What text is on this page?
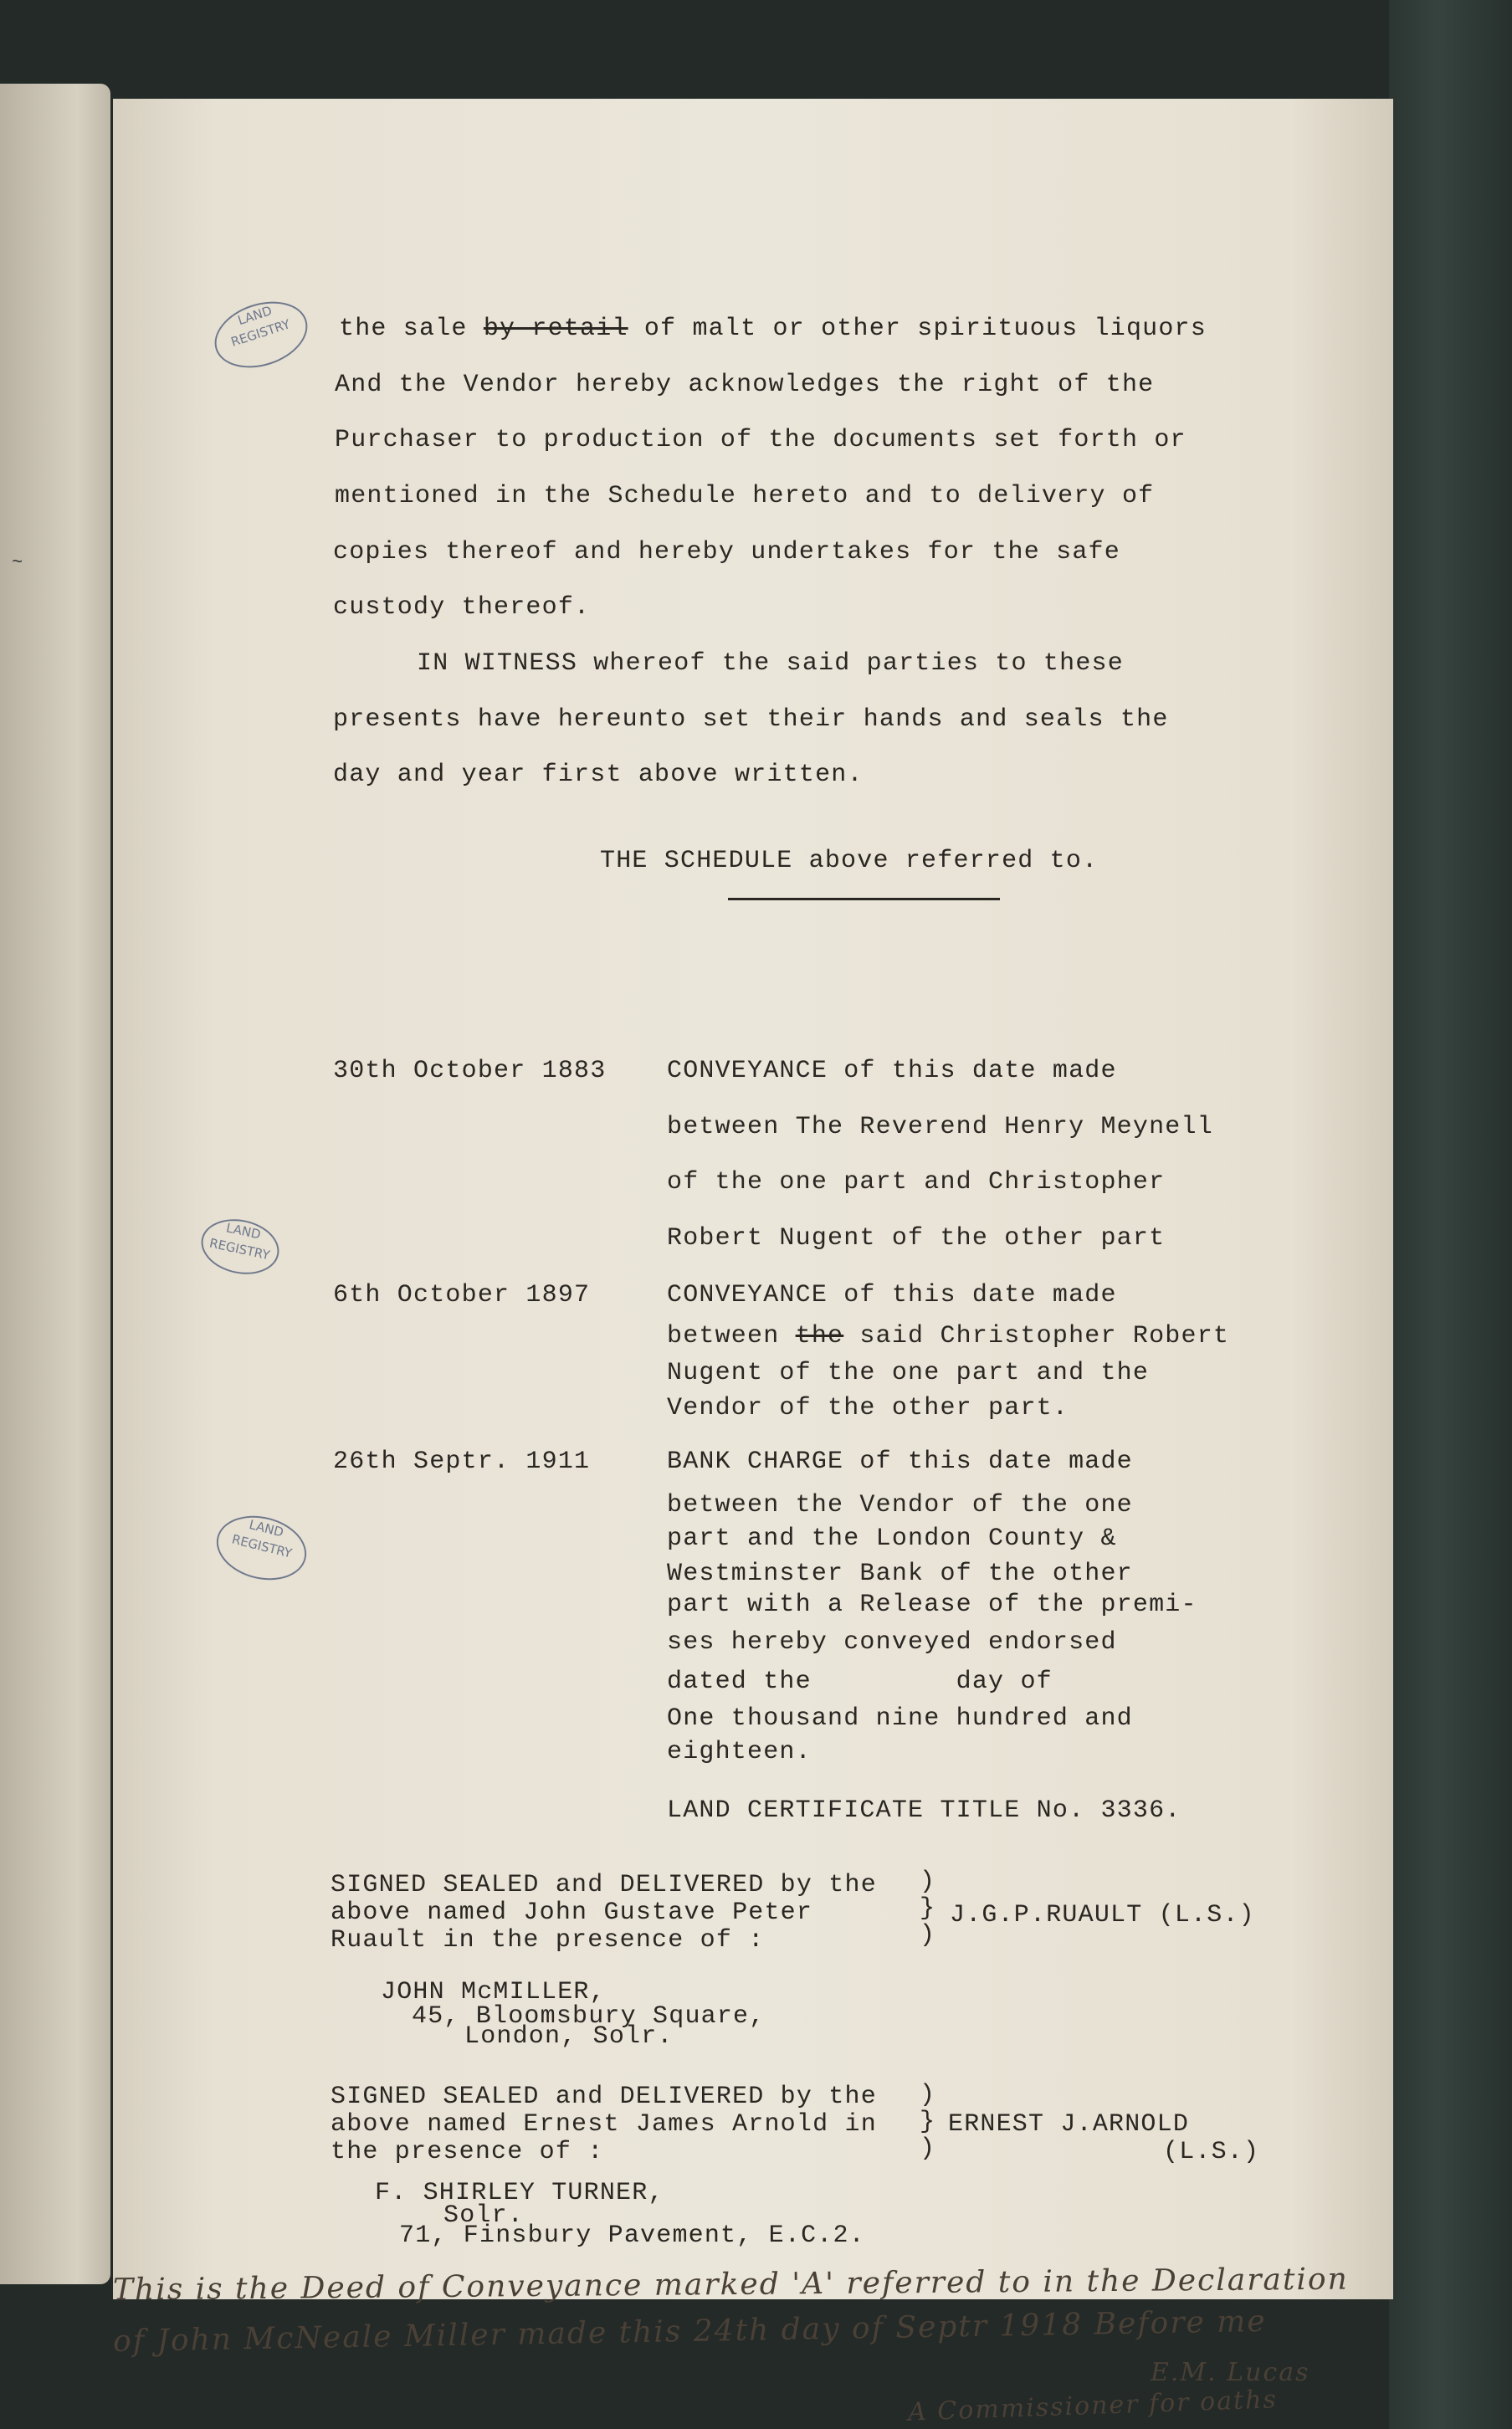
~
LAND REGISTRY
LAND REGISTRY
LAND REGISTRY
the sale by retail of malt or other spirituous liquors
And the Vendor hereby acknowledges the right of the
Purchaser to production of the documents set forth or
mentioned in the Schedule hereto and to delivery of
copies thereof and hereby undertakes for the safe
custody thereof.
IN WITNESS whereof the said parties to these
presents have hereunto set their hands and seals the
day and year first above written.
THE SCHEDULE above referred to.
30th October 1883 CONVEYANCE of this date made
between The Reverend Henry Meynell
of the one part and Christopher
Robert Nugent of the other part
6th October 1897	CONVEYANCE of this date made
between the said Christopher Robert
Nugent of the one part and the
Vendor of the other part.
26th Septr. 1911	BANK CHARGE of this date made
between the Vendor of the one
part and the London County &
Westminster Bank of the other
part with a Release of the premi-
ses hereby conveyed endorsed
dated the         day of
One thousand nine hundred and
eighteen.
LAND CERTIFICATE TITLE No. 3336.
SIGNED SEALED and DELIVERED by the
above named John Gustave Peter
Ruault in the presence of :
)
}
)
J.G.P.RUAULT (L.S.)
JOHN McMILLER,
45, Bloomsbury Square,
London, Solr.
SIGNED SEALED and DELIVERED by the
above named Ernest James Arnold in
the presence of :
)
}
)
ERNEST J.ARNOLD
(L.S.)
F. SHIRLEY TURNER,
Solr.
71, Finsbury Pavement, E.C.2.
This is the Deed of Conveyance marked 'A' referred to in the Declaration
of John McNeale Miller made this 24th day of Septr 1918 Before me
E.M. Lucas
A Commissioner for oaths
